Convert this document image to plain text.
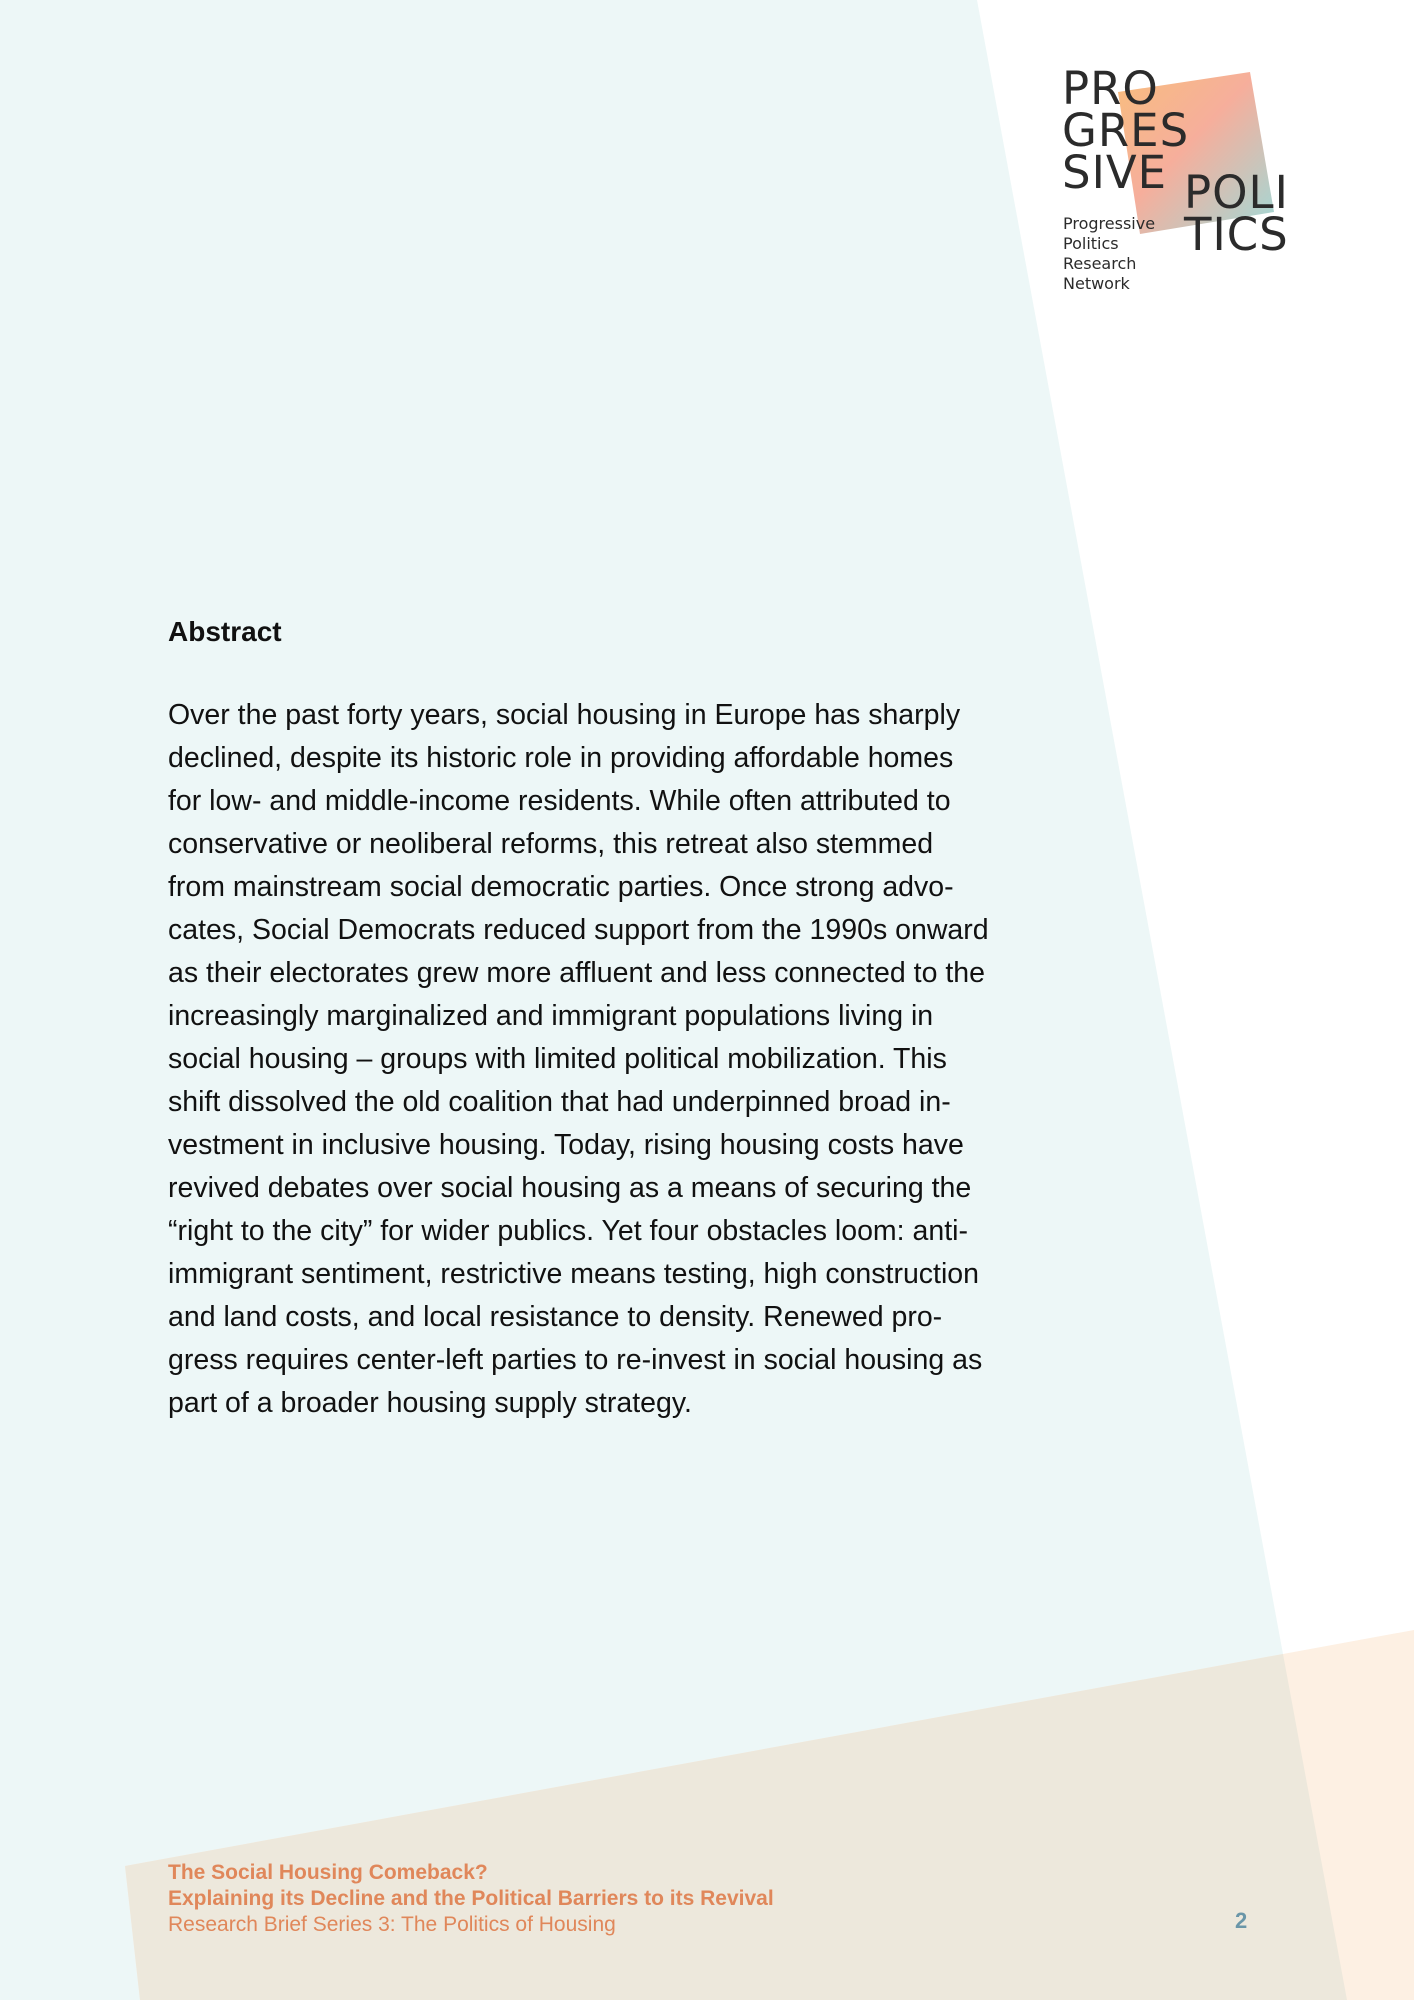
PRO
GRES
SIVE POLI
TICS
Progressive
Politics
Research
Network
Abstract

Over the past forty years, social housing in Europe has sharply
declined, despite its historic role in providing affordable homes
for low- and middle-income residents. While often attributed to
conservative or neoliberal reforms, this retreat also stemmed
from mainstream social democratic parties. Once strong advo-
cates, Social Democrats reduced support from the 1990s onward
as their electorates grew more affluent and less connected to the
increasingly marginalized and immigrant populations living in
social housing – groups with limited political mobilization. This
shift dissolved the old coalition that had underpinned broad in-
vestment in inclusive housing. Today, rising housing costs have
revived debates over social housing as a means of securing the
“right to the city” for wider publics. Yet four obstacles loom: anti-
immigrant sentiment, restrictive means testing, high construction
and land costs, and local resistance to density. Renewed pro-
gress requires center-left parties to re-invest in social housing as
part of a broader housing supply strategy.

The Social Housing Comeback?
Explaining its Decline and the Political Barriers to its Revival
Research Brief Series 3: The Politics of Housing	2
